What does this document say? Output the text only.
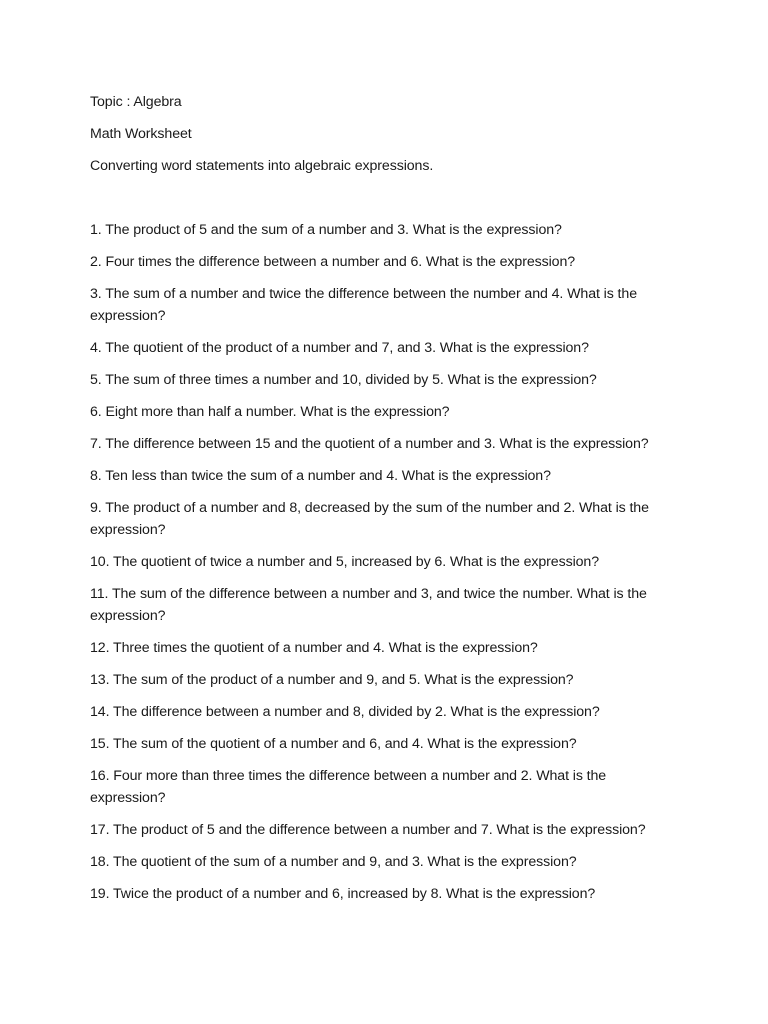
Topic : Algebra
Math Worksheet
Converting word statements into algebraic expressions.
1. The product of 5 and the sum of a number and 3. What is the expression?
2. Four times the difference between a number and 6. What is the expression?
3. The sum of a number and twice the difference between the number and 4. What is the expression?
4. The quotient of the product of a number and 7, and 3. What is the expression?
5. The sum of three times a number and 10, divided by 5. What is the expression?
6. Eight more than half a number. What is the expression?
7. The difference between 15 and the quotient of a number and 3. What is the expression?
8. Ten less than twice the sum of a number and 4. What is the expression?
9. The product of a number and 8, decreased by the sum of the number and 2. What is the expression?
10. The quotient of twice a number and 5, increased by 6. What is the expression?
11. The sum of the difference between a number and 3, and twice the number. What is the expression?
12. Three times the quotient of a number and 4. What is the expression?
13. The sum of the product of a number and 9, and 5. What is the expression?
14. The difference between a number and 8, divided by 2. What is the expression?
15. The sum of the quotient of a number and 6, and 4. What is the expression?
16. Four more than three times the difference between a number and 2. What is the expression?
17. The product of 5 and the difference between a number and 7. What is the expression?
18. The quotient of the sum of a number and 9, and 3. What is the expression?
19. Twice the product of a number and 6, increased by 8. What is the expression?
